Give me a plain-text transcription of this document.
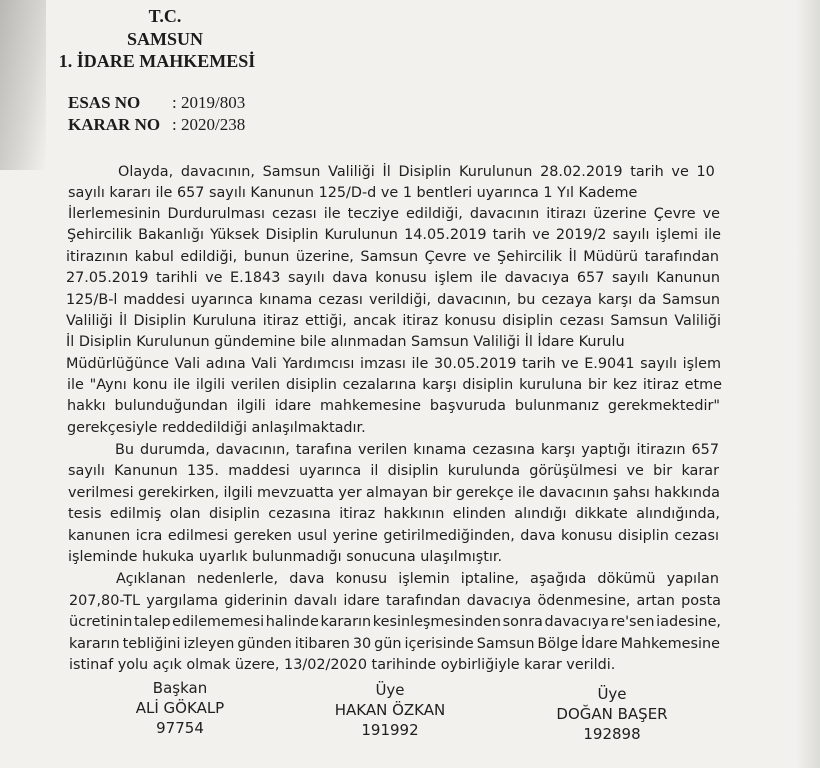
T.C.
SAMSUN
1. İDARE MAHKEMESİ
ESAS NO : 2019/803
KARAR NO : 2020/238
Olayda, davacının, Samsun Valiliği İl Disiplin Kurulunun 28.02.2019 tarih ve 10
sayılı kararı ile 657 sayılı Kanunun 125/D-d ve 1 bentleri uyarınca 1 Yıl Kademe
İlerlemesinin Durdurulması cezası ile tecziye edildiği, davacının itirazı üzerine Çevre ve
Şehircilik Bakanlığı Yüksek Disiplin Kurulunun 14.05.2019 tarih ve 2019/2 sayılı işlemi ile
itirazının kabul edildiği, bunun üzerine, Samsun Çevre ve Şehircilik İl Müdürü tarafından
27.05.2019 tarihli ve E.1843 sayılı dava konusu işlem ile davacıya 657 sayılı Kanunun
125/B-l maddesi uyarınca kınama cezası verildiği, davacının, bu cezaya karşı da Samsun
Valiliği İl Disiplin Kuruluna itiraz ettiği, ancak itiraz konusu disiplin cezası Samsun Valiliği
İl Disiplin Kurulunun gündemine bile alınmadan Samsun Valiliği İl İdare Kurulu
Müdürlüğünce Vali adına Vali Yardımcısı imzası ile 30.05.2019 tarih ve E.9041 sayılı işlem
ile "Aynı konu ile ilgili verilen disiplin cezalarına karşı disiplin kuruluna bir kez itiraz etme
hakkı bulunduğundan ilgili idare mahkemesine başvuruda bulunmanız gerekmektedir"
gerekçesiyle reddedildiği anlaşılmaktadır.
Bu durumda, davacının, tarafına verilen kınama cezasına karşı yaptığı itirazın 657
sayılı Kanunun 135. maddesi uyarınca il disiplin kurulunda görüşülmesi ve bir karar
verilmesi gerekirken, ilgili mevzuatta yer almayan bir gerekçe ile davacının şahsı hakkında
tesis edilmiş olan disiplin cezasına itiraz hakkının elinden alındığı dikkate alındığında,
kanunen icra edilmesi gereken usul yerine getirilmediğinden, dava konusu disiplin cezası
işleminde hukuka uyarlık bulunmadığı sonucuna ulaşılmıştır.
Açıklanan nedenlerle, dava konusu işlemin iptaline, aşağıda dökümü yapılan
207,80-TL yargılama giderinin davalı idare tarafından davacıya ödenmesine, artan posta
ücretinin talep edilememesi halinde kararın kesinleşmesinden sonra davacıya re'sen iadesine,
kararın tebliğini izleyen günden itibaren 30 gün içerisinde Samsun Bölge İdare Mahkemesine
istinaf yolu açık olmak üzere, 13/02/2020 tarihinde oybirliğiyle karar verildi.
Başkan
ALİ GÖKALP
97754
Üye
HAKAN ÖZKAN
191992
Üye
DOĞAN BAŞER
192898
